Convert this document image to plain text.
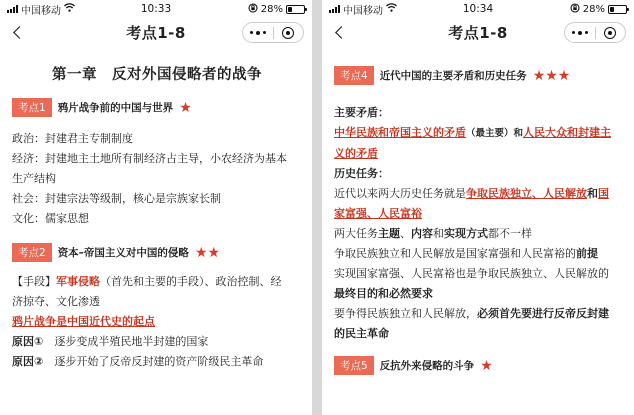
中国移动	10:33	28%
考点1-8
第一章　反对外国侵略者的战争
考点1	鸦片战争前的中国与世界 ★
政治：封建君主专制制度
经济：封建地主土地所有制经济占主导，小农经济为基本
生产结构
社会：封建宗法等级制，核心是宗族家长制
文化：儒家思想
考点2	资本–帝国主义对中国的侵略 ★★
【手段】军事侵略（首先和主要的手段）、政治控制、经
济掠夺、文化渗透
鸦片战争是中国近代史的起点
原因①　逐步变成半殖民地半封建的国家
原因②　逐步开始了反帝反封建的资产阶级民主革命
中国移动	10:34	28%
考点1-8
考点4	近代中国的主要矛盾和历史任务 ★★★
主要矛盾：
中华民族和帝国主义的矛盾（最主要）和人民大众和封建主
义的矛盾
历史任务：
近代以来两大历史任务就是争取民族独立、人民解放和国
家富强、人民富裕
两大任务主题、内容和实现方式都不一样
争取民族独立和人民解放是国家富强和人民富裕的前提
实现国家富强、人民富裕也是争取民族独立、人民解放的
最终目的和必然要求
要争得民族独立和人民解放，必须首先要进行反帝反封建
的民主革命
考点5	反抗外来侵略的斗争 ★
